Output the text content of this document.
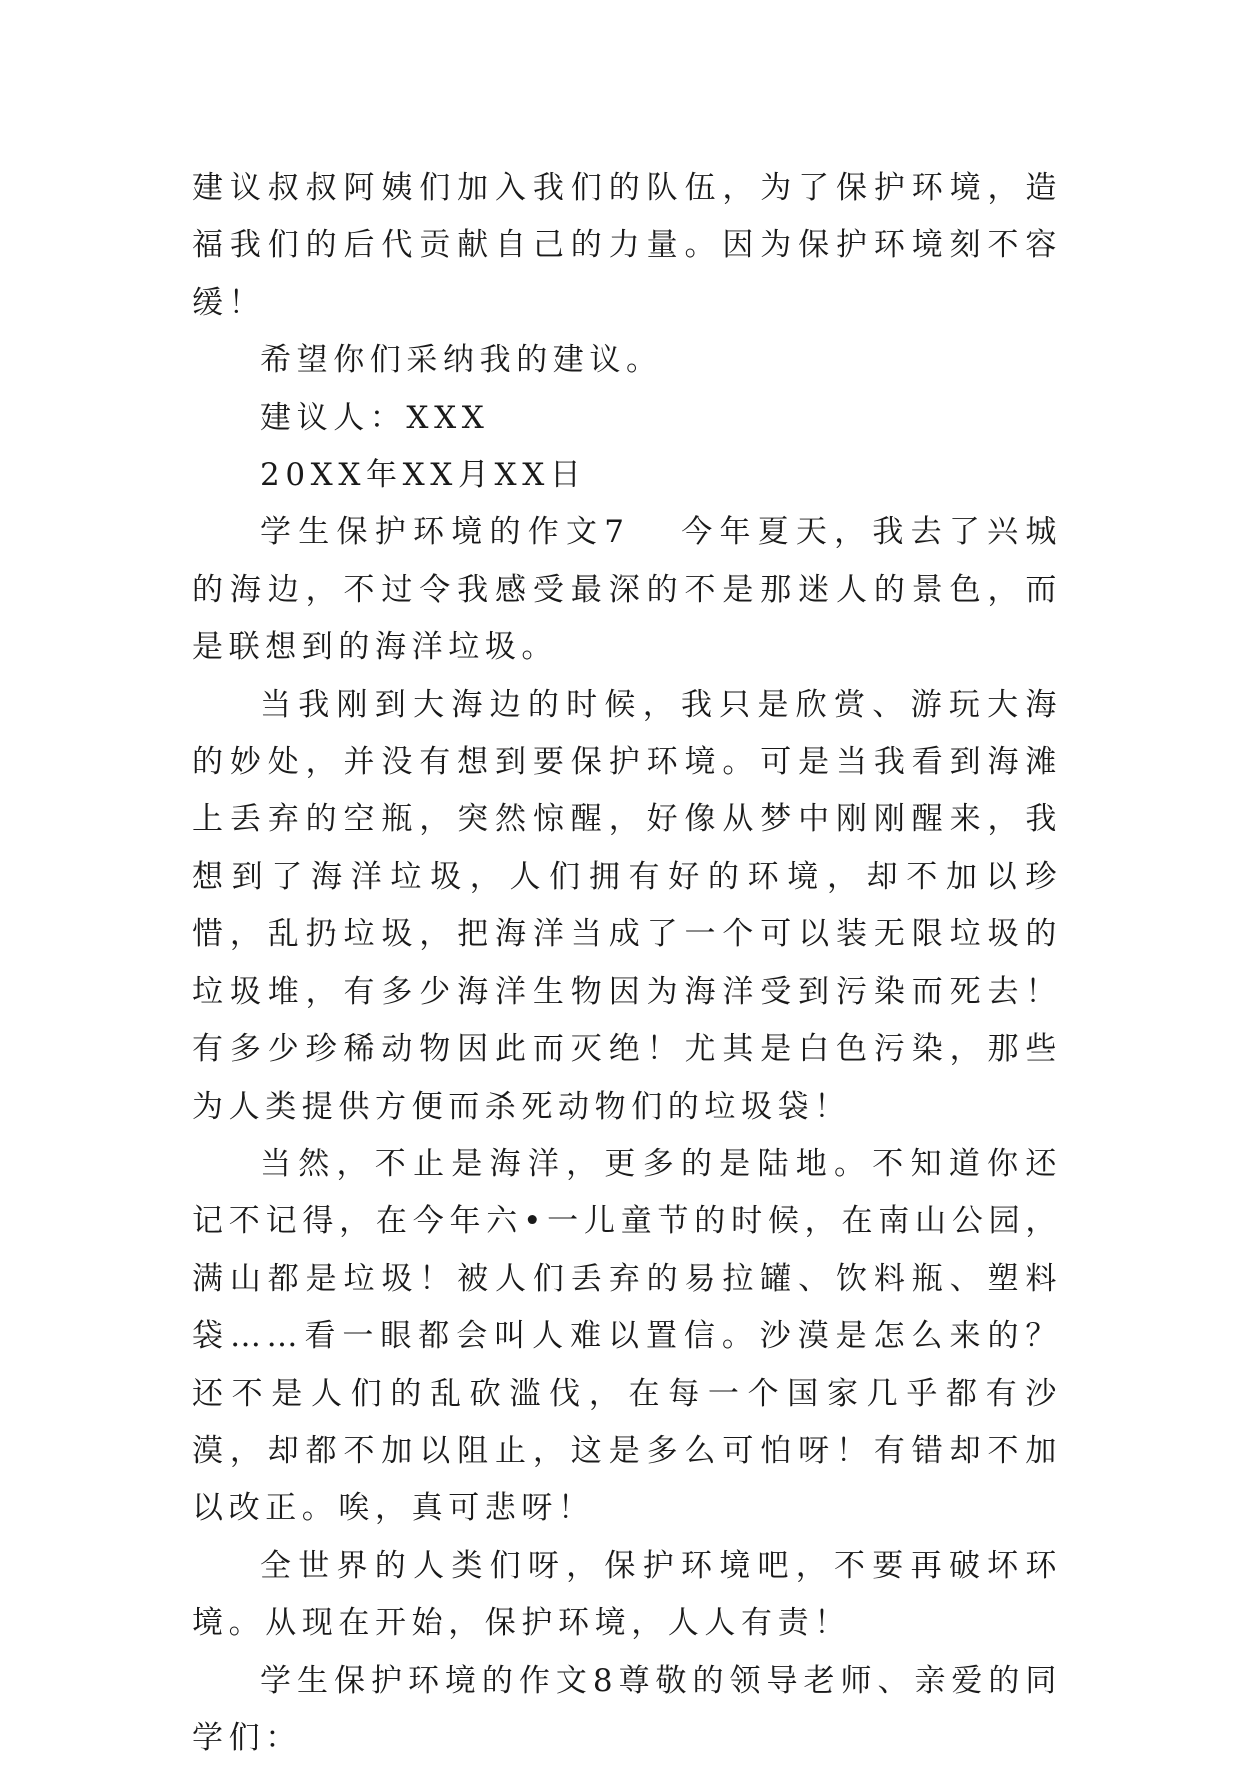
建议叔叔阿姨们加入我们的队伍，为了保护环境，造福我们的后代贡献自己的力量。因为保护环境刻不容缓！

希望你们采纳我的建议。

建议人：XXX

20XX年XX月XX日

学生保护环境的作文7 今年夏天，我去了兴城的海边，不过令我感受最深的不是那迷人的景色，而是联想到的海洋垃圾。

当我刚到大海边的时候，我只是欣赏、游玩大海的妙处，并没有想到要保护环境。可是当我看到海滩上丢弃的空瓶，突然惊醒，好像从梦中刚刚醒来，我想到了海洋垃圾，人们拥有好的环境，却不加以珍惜，乱扔垃圾，把海洋当成了一个可以装无限垃圾的垃圾堆，有多少海洋生物因为海洋受到污染而死去！有多少珍稀动物因此而灭绝！尤其是白色污染，那些为人类提供方便而杀死动物们的垃圾袋！

当然，不止是海洋，更多的是陆地。不知道你还记不记得，在今年六•一儿童节的时候，在南山公园，满山都是垃圾！被人们丢弃的易拉罐、饮料瓶、塑料袋……看一眼都会叫人难以置信。沙漠是怎么来的？还不是人们的乱砍滥伐，在每一个国家几乎都有沙漠，却都不加以阻止，这是多么可怕呀！有错却不加以改正。唉，真可悲呀！

全世界的人类们呀，保护环境吧，不要再破坏环境。从现在开始，保护环境，人人有责！

学生保护环境的作文8尊敬的领导老师、亲爱的同学们：
